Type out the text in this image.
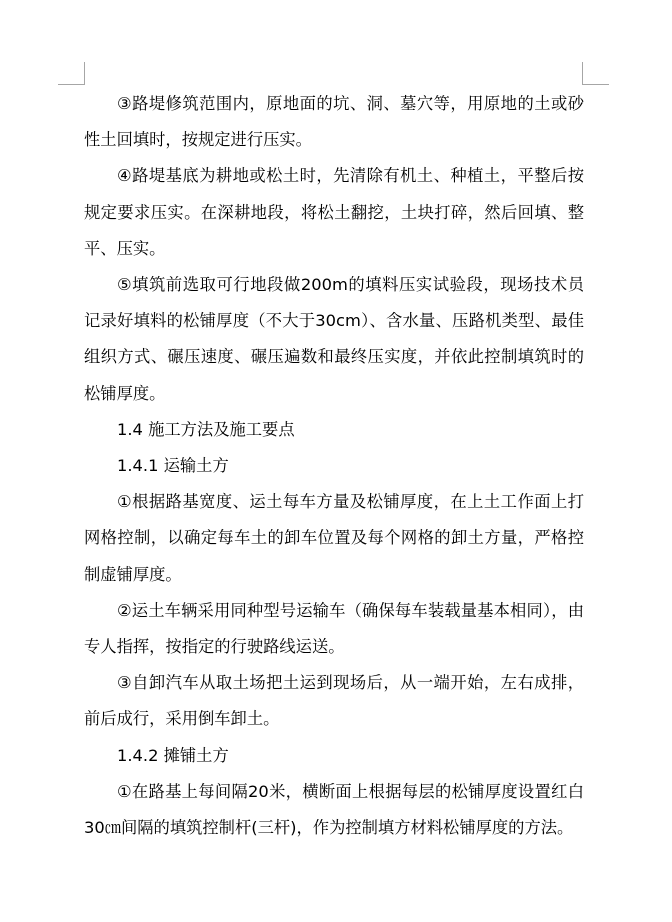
③路堤修筑范围内，原地面的坑、洞、墓穴等，用原地的土或砂性土回填时，按规定进行压实。

④路堤基底为耕地或松土时，先清除有机土、种植土，平整后按规定要求压实。在深耕地段，将松土翻挖，土块打碎，然后回填、整平、压实。

⑤填筑前选取可行地段做200m的填料压实试验段，现场技术员记录好填料的松铺厚度（不大于30cm）、含水量、压路机类型、最佳组织方式、碾压速度、碾压遍数和最终压实度，并依此控制填筑时的松铺厚度。

1.4 施工方法及施工要点

1.4.1 运输土方

①根据路基宽度、运土每车方量及松铺厚度，在上土工作面上打网格控制，以确定每车土的卸车位置及每个网格的卸土方量，严格控制虚铺厚度。

②运土车辆采用同种型号运输车（确保每车装载量基本相同），由专人指挥，按指定的行驶路线运送。

③自卸汽车从取土场把土运到现场后，从一端开始，左右成排，前后成行，采用倒车卸土。

1.4.2 摊铺土方

①在路基上每间隔20米，横断面上根据每层的松铺厚度设置红白30㎝间隔的填筑控制杆(三杆)，作为控制填方材料松铺厚度的方法。
